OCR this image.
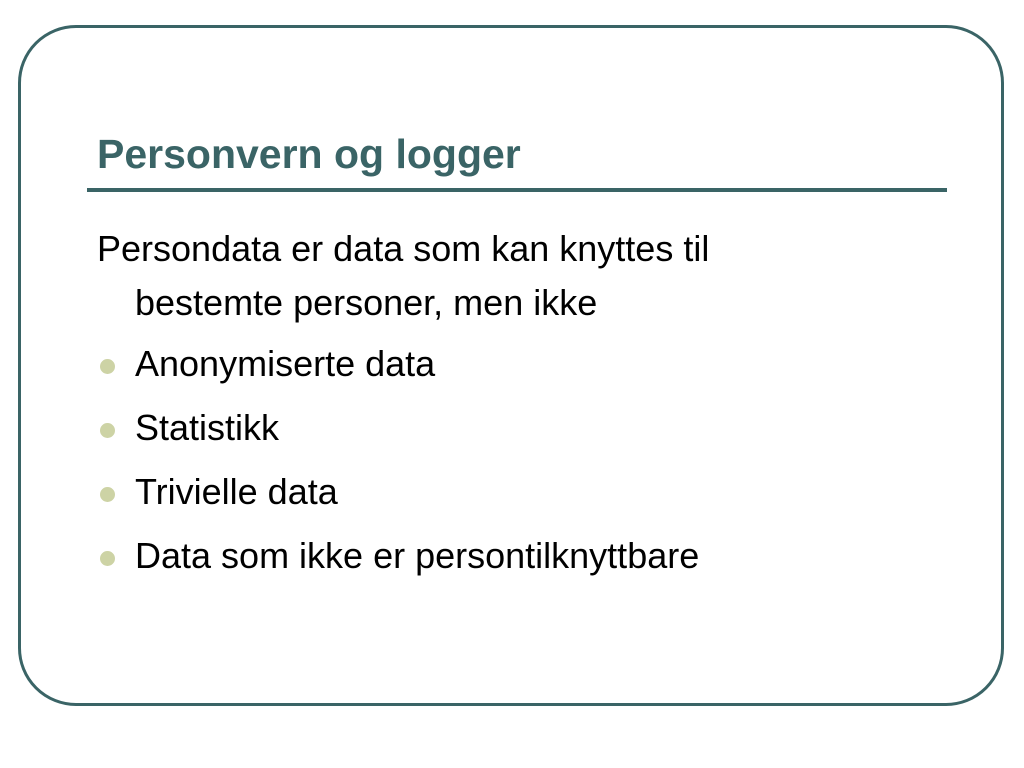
Personvern og logger

Persondata er data som kan knyttes til
bestemte personer, men ikke

Anonymiserte data
Statistikk
Trivielle data
Data som ikke er persontilknyttbare
